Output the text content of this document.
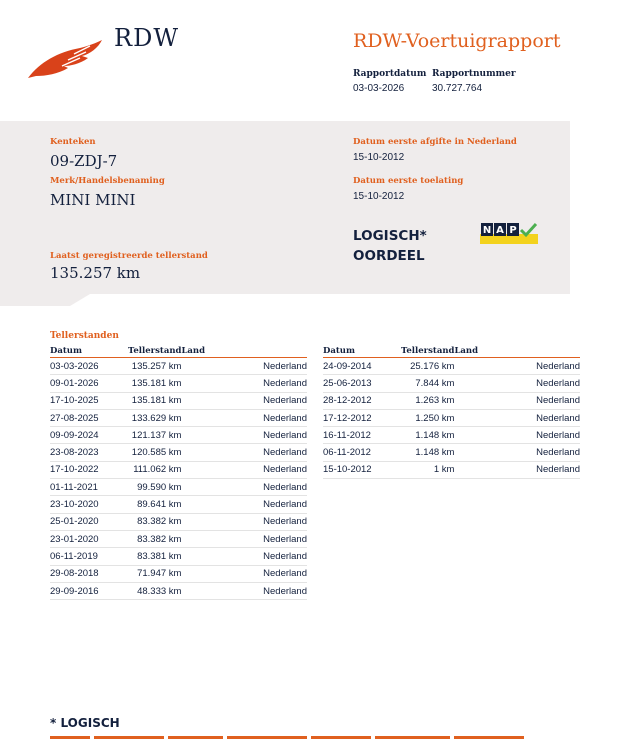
RDW	RDW-Voertuigrapport
Rapportdatum Rapportnummer
03-03-2026	30.727.764
Kenteken
09-ZDJ-7
Merk/Handelsbenaming
MINI MINI
Laatst geregistreerde tellerstand
135.257 km
Datum eerste afgifte in Nederland
15-10-2012
Datum eerste toelating
15-10-2012
LOGISCH*
OORDEEL
N A P
Tellerstanden
Datum	Tellerstand	Land
03-03-2026	135.257 km	Nederland
09-01-2026	135.181 km	Nederland
17-10-2025	135.181 km	Nederland
27-08-2025	133.629 km	Nederland
09-09-2024	121.137 km	Nederland
23-08-2023	120.585 km	Nederland
17-10-2022	111.062 km	Nederland
01-11-2021	99.590 km	Nederland
23-10-2020	89.641 km	Nederland
25-01-2020	83.382 km	Nederland
23-01-2020	83.382 km	Nederland
06-11-2019	83.381 km	Nederland
29-08-2018	71.947 km	Nederland
29-09-2016	48.333 km	Nederland
Datum	Tellerstand	Land
24-09-2014	25.176 km	Nederland
25-06-2013	7.844 km	Nederland
28-12-2012	1.263 km	Nederland
17-12-2012	1.250 km	Nederland
16-11-2012	1.148 km	Nederland
06-11-2012	1.148 km	Nederland
15-10-2012	1 km	Nederland
* LOGISCH
